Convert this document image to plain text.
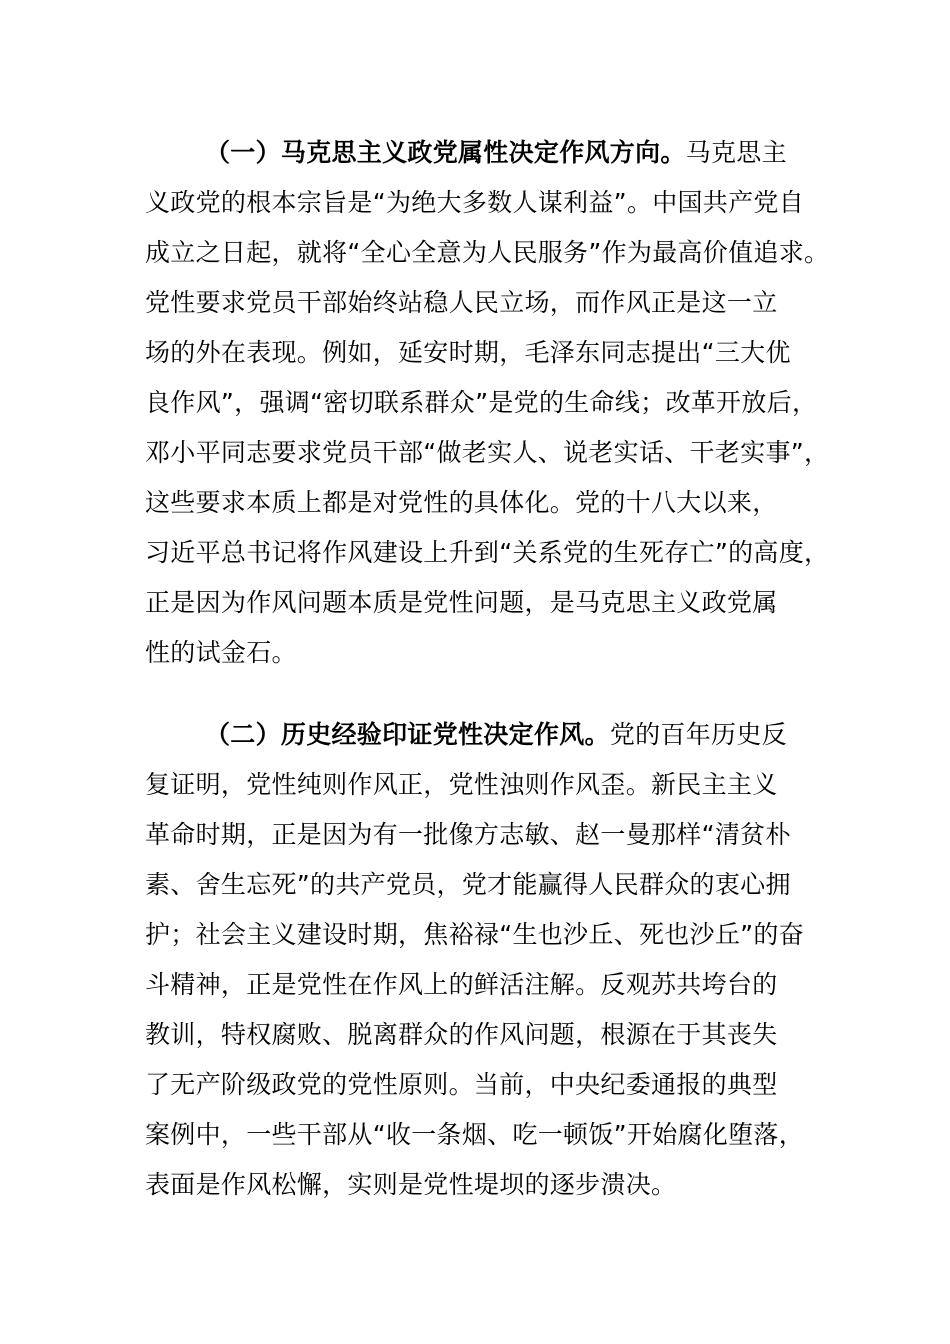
（一）马克思主义政党属性决定作风方向。马克思主
义政党的根本宗旨是“为绝大多数人谋利益”。中国共产党自
成立之日起，就将“全心全意为人民服务”作为最高价值追求。
党性要求党员干部始终站稳人民立场，而作风正是这一立
场的外在表现。例如，延安时期，毛泽东同志提出“三大优
良作风”，强调“密切联系群众”是党的生命线；改革开放后，
邓小平同志要求党员干部“做老实人、说老实话、干老实事”，
这些要求本质上都是对党性的具体化。党的十八大以来，
习近平总书记将作风建设上升到“关系党的生死存亡”的高度，
正是因为作风问题本质是党性问题，是马克思主义政党属
性的试金石。
（二）历史经验印证党性决定作风。党的百年历史反
复证明，党性纯则作风正，党性浊则作风歪。新民主主义
革命时期，正是因为有一批像方志敏、赵一曼那样“清贫朴
素、舍生忘死”的共产党员，党才能赢得人民群众的衷心拥
护；社会主义建设时期，焦裕禄“生也沙丘、死也沙丘”的奋
斗精神，正是党性在作风上的鲜活注解。反观苏共垮台的
教训，特权腐败、脱离群众的作风问题，根源在于其丧失
了无产阶级政党的党性原则。当前，中央纪委通报的典型
案例中，一些干部从“收一条烟、吃一顿饭”开始腐化堕落，
表面是作风松懈，实则是党性堤坝的逐步溃决。
